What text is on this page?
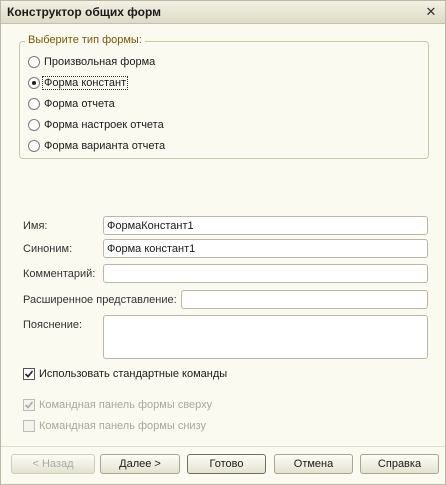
Конструктор общих форм	✕
Выберите тип формы:
Произвольная форма
Форма констант
Форма отчета
Форма настроек отчета
Форма варианта отчета
Имя:
ФормаКонстант1
Синоним:
Форма констант1
Комментарий:
Расширенное представление:
Пояснение:
Использовать стандартные команды
Командная панель формы сверху
Командная панель формы снизу
< Назад	Далее >	Готово	Отмена	Справка
